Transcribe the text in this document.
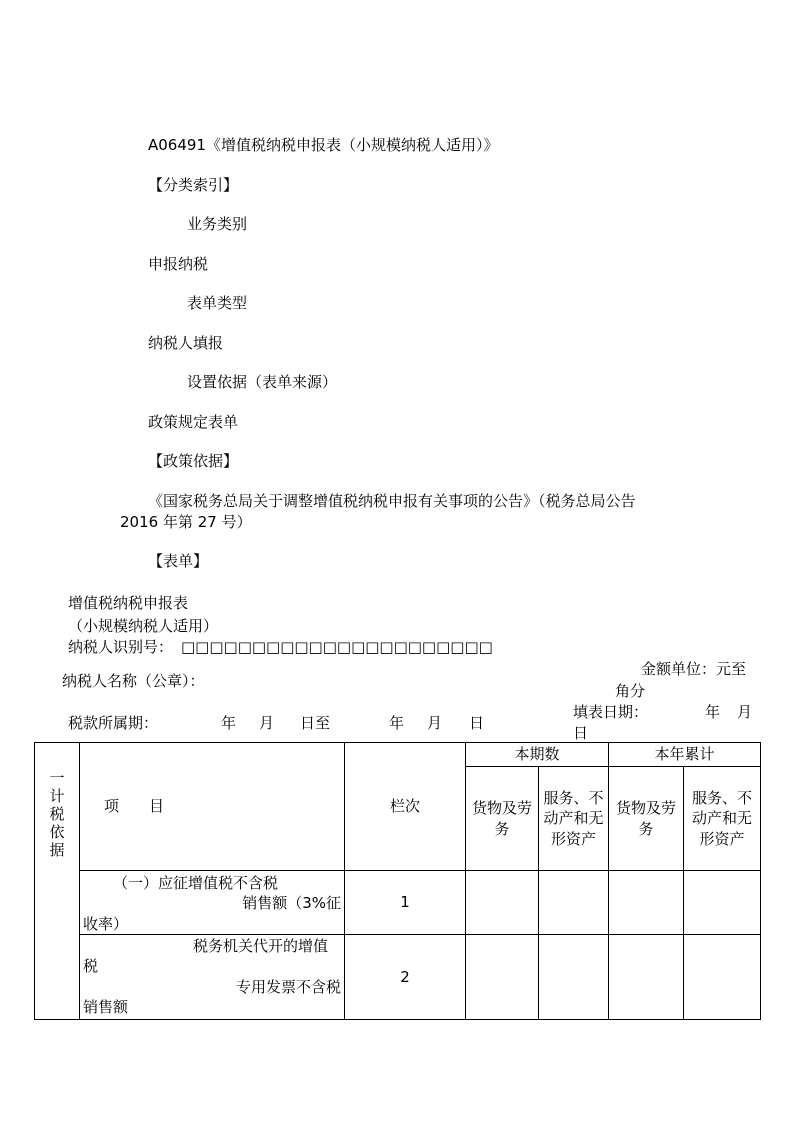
A06491《增值税纳税申报表（小规模纳税人适用）》
【分类索引】
业务类别
申报纳税
表单类型
纳税人填报
设置依据（表单来源）
政策规定表单
【政策依据】
《国家税务总局关于调整增值税纳税申报有关事项的公告》（税务总局公告
2016 年第 27 号）
【表单】
增值税纳税申报表
（小规模纳税人适用）
纳税人识别号： □□□□□□□□□□□□□□□□□□□□□□
金额单位：元至
角分
纳税人名称（公章）：
税款所属期：	年 月 日至	年 月 日
填表日期：	年 月
日
一 计税依据	项　　目	栏次	本期数		本年累计	
			货物及劳务	服务、不动产和无形资产	货物及劳务	服务、不动产和无形资产

	（一）应征增值税不含税
销售额（3%征
收率）	1				

	税务机关代开的增值
税
专用发票不含税
销售额	2				
